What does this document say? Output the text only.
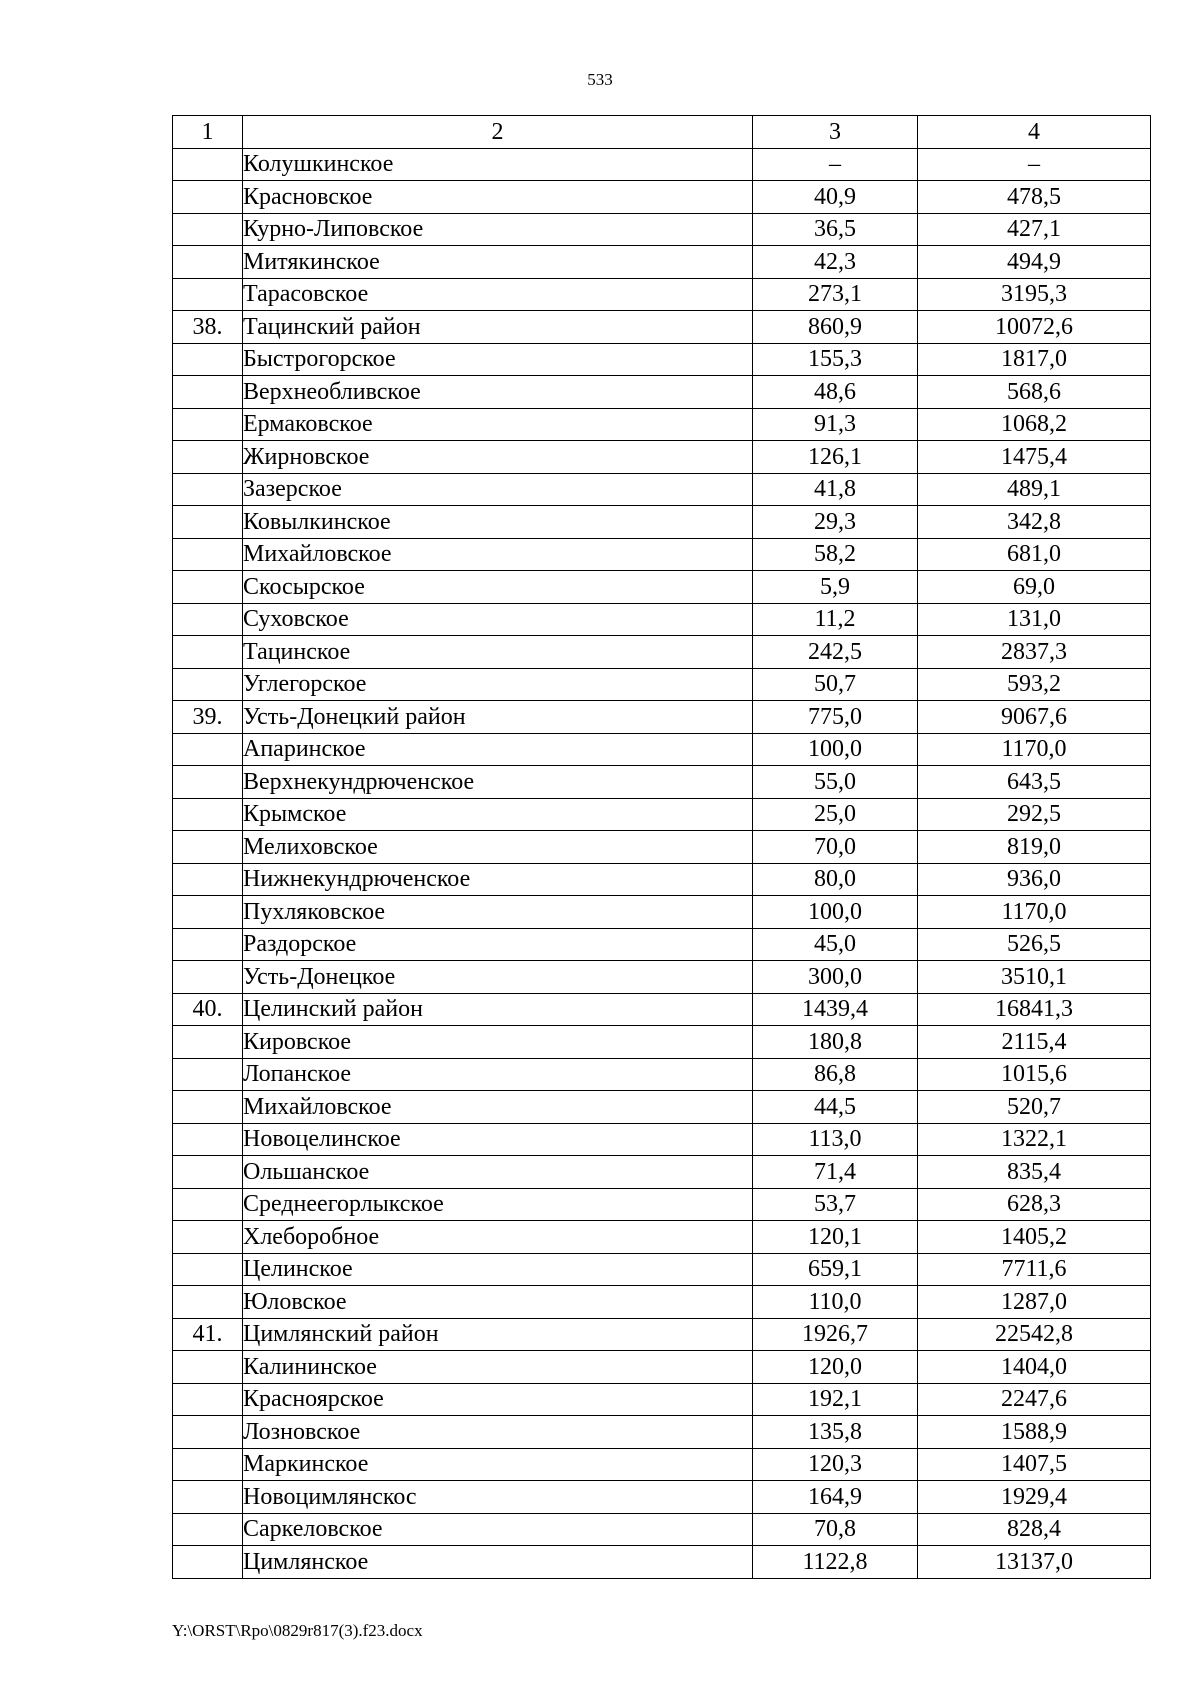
533
1	2	3	4
	Колушкинское	–	–
	Красновское	40,9	478,5
	Курно-Липовское	36,5	427,1
	Митякинское	42,3	494,9
	Тарасовское	273,1	3195,3
38.	Тацинский район	860,9	10072,6
	Быстрогорское	155,3	1817,0
	Верхнеобливское	48,6	568,6
	Ермаковское	91,3	1068,2
	Жирновское	126,1	1475,4
	Зазерское	41,8	489,1
	Ковылкинское	29,3	342,8
	Михайловское	58,2	681,0
	Скосырское	5,9	69,0
	Суховское	11,2	131,0
	Тацинское	242,5	2837,3
	Углегорское	50,7	593,2
39.	Усть-Донецкий район	775,0	9067,6
	Апаринское	100,0	1170,0
	Верхнекундрюченское	55,0	643,5
	Крымское	25,0	292,5
	Мелиховское	70,0	819,0
	Нижнекундрюченское	80,0	936,0
	Пухляковское	100,0	1170,0
	Раздорское	45,0	526,5
	Усть-Донецкое	300,0	3510,1
40.	Целинский район	1439,4	16841,3
	Кировское	180,8	2115,4
	Лопанское	86,8	1015,6
	Михайловское	44,5	520,7
	Новоцелинское	113,0	1322,1
	Ольшанское	71,4	835,4
	Среднеегорлыкское	53,7	628,3
	Хлеборобное	120,1	1405,2
	Целинское	659,1	7711,6
	Юловское	110,0	1287,0
41.	Цимлянский район	1926,7	22542,8
	Калининское	120,0	1404,0
	Красноярское	192,1	2247,6
	Лозновское	135,8	1588,9
	Маркинское	120,3	1407,5
	Новоцимлянскос	164,9	1929,4
	Саркеловское	70,8	828,4
	Цимлянское	1122,8	13137,0
Y:\ORST\Rpo\0829r817(3).f23.docx
